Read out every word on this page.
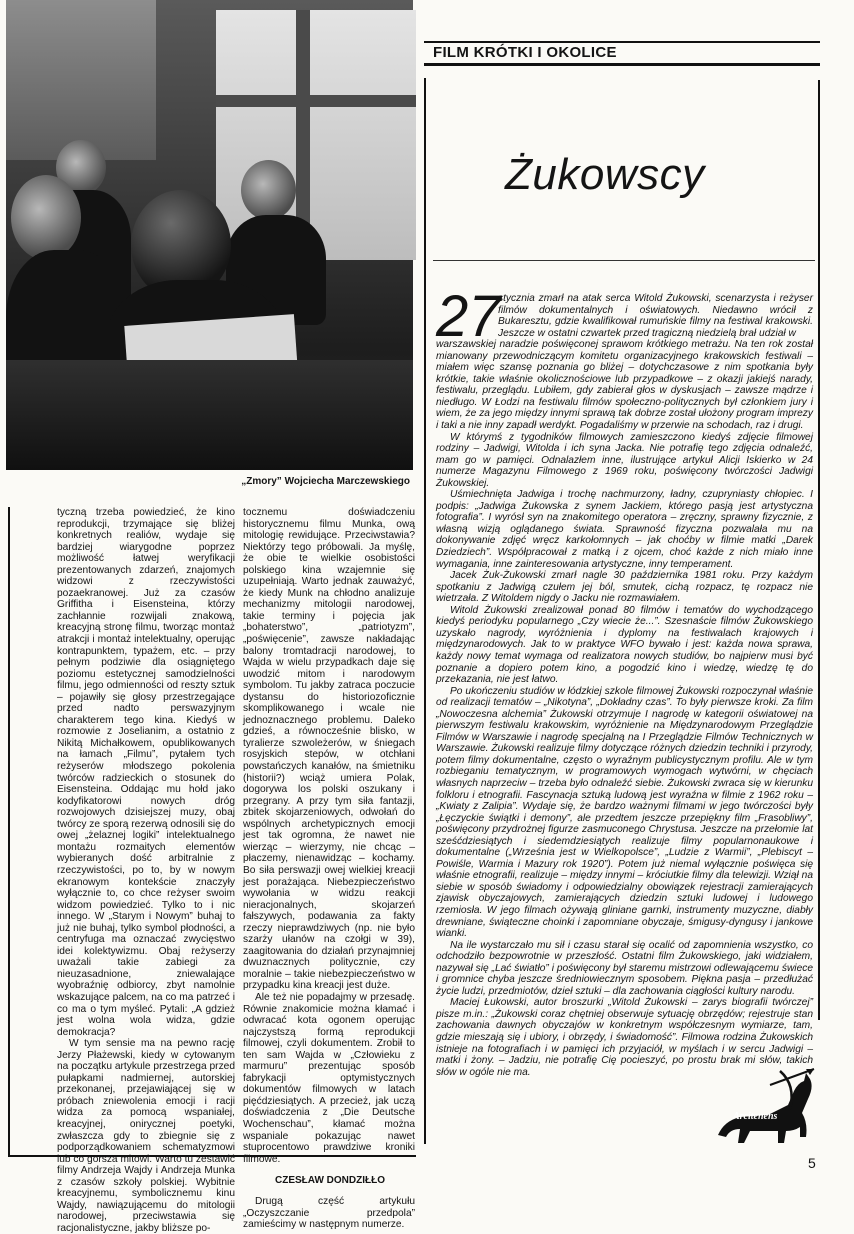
„Zmory” Wojciecha Marczewskiego
FILM KRÓTKI I OKOLICE
Żukowscy
27

stycznia zmarł na atak serca Witold Żukowski, scenarzysta i reżyser filmów dokumentalnych i oświatowych. Niedawno wrócił z Bukaresztu, gdzie kwalifikował rumuńskie filmy na festiwal krakowski. Jeszcze w ostatni czwartek przed tragiczną niedzielą brał udział w
warszawskiej naradzie poświęconej sprawom krótkiego metrażu. Na ten rok został mianowany przewodniczącym komitetu organizacyjnego krakowskich festiwali – miałem więc szansę poznania go bliżej – dotychczasowe z nim spotkania były krótkie, takie właśnie okolicznościowe lub przypadkowe – z okazji jakiejś narady, festiwalu, przeglądu. Lubiłem, gdy zabierał głos w dyskusjach – zawsze mądrze i niedługo. W Łodzi na festiwalu filmów społeczno-politycznych był członkiem jury i wiem, że za jego między innymi sprawą tak dobrze został ułożony program imprezy i taki a nie inny zapadł werdykt. Pogadaliśmy w przerwie na schodach, raz i drugi.

W którymś z tygodników filmowych zamieszczono kiedyś zdjęcie filmowej rodziny – Jadwigi, Witolda i ich syna Jacka. Nie potrafię tego zdjęcia odnaleźć, mam go w pamięci. Odnalazłem inne, ilustrujące artykuł Alicji Iskierko w 24 numerze Magazynu Filmowego z 1969 roku, poświęcony twórczości Jadwigi Żukowskiej.

Uśmiechnięta Jadwiga i trochę nachmurzony, ładny, czupryniasty chłopiec. I podpis: „Jadwiga Żukowska z synem Jackiem, którego pasją jest artystyczna fotografia”. I wyrósł syn na znakomitego operatora – zręczny, sprawny fizycznie, z własną wizją oglądanego świata. Sprawność fizyczna pozwalała mu na dokonywanie zdjęć wręcz karkołomnych – jak choćby w filmie matki „Darek Dziedziech”. Współpracował z matką i z ojcem, choć każde z nich miało inne wymagania, inne zainteresowania artystyczne, inny temperament.

Jacek Żuk-Żukowski zmarł nagle 30 października 1981 roku. Przy każdym spotkaniu z Jadwigą czułem jej ból, smutek, cichą rozpacz, tę rozpacz nie wietrzała. Z Witoldem nigdy o Jacku nie rozmawiałem.

Witold Żukowski zrealizował ponad 80 filmów i tematów do wychodzącego kiedyś periodyku popularnego „Czy wiecie że...”. Szesnaście filmów Żukowskiego uzyskało nagrody, wyróżnienia i dyplomy na festiwalach krajowych i międzynarodowych. Jak to w praktyce WFO bywało i jest: każda nowa sprawa, każdy nowy temat wymaga od realizatora nowych studiów, bo najpierw musi być poznanie a dopiero potem kino, a pogodzić kino i wiedzę, wiedzę tę do przekazania, nie jest łatwo.

Po ukończeniu studiów w łódzkiej szkole filmowej Żukowski rozpoczynał właśnie od realizacji tematów – „Nikotyna”, „Dokładny czas”. To były pierwsze kroki. Za film „Nowoczesna alchemia” Żukowski otrzymuje I nagrodę w kategorii oświatowej na pierwszym festiwalu krakowskim, wyróżnienie na Międzynarodowym Przeglądzie Filmów w Warszawie i nagrodę specjalną na I Przeglądzie Filmów Technicznych w Warszawie. Żukowski realizuje filmy dotyczące różnych dziedzin techniki i przyrody, potem filmy dokumentalne, często o wyraźnym publicystycznym profilu. Ale w tym rozbieganiu tematycznym, w programowych wymogach wytwórni, w chęciach własnych naprzeciw – trzeba było odnaleźć siebie. Żukowski zwraca się w kierunku folkloru i etnografii. Fascynacja sztuką ludową jest wyraźna w filmie z 1962 roku – „Kwiaty z Zalipia”. Wydaje się, że bardzo ważnymi filmami w jego twórczości były „Łęczyckie świątki i demony”, ale przedtem jeszcze przepiękny film „Frasobliwy”, poświęcony przydrożnej figurze zasmuconego Chrystusa. Jeszcze na przełomie lat sześćdziesiątych i siedemdziesiątych realizuje filmy popularnonaukowe i dokumentalne („Września jest w Wielkopolsce”, „Ludzie z Warmii”, „Plebiscyt – Powiśle, Warmia i Mazury rok 1920”). Potem już niemal wyłącznie poświęca się właśnie etnografii, realizuje – między innymi – króciutkie filmy dla telewizji. Wziął na siebie w sposób świadomy i odpowiedzialny obowiązek rejestracji zamierających zjawisk obyczajowych, zamierających dziedzin sztuki ludowej i ludowego rzemiosła. W jego filmach ożywają gliniane garnki, instrumenty muzyczne, diabły drewniane, świąteczne choinki i zapomniane obyczaje, śmigusy-dyngusy i jankowe wianki.

Na ile wystarczało mu sił i czasu starał się ocalić od zapomnienia wszystko, co odchodziło bezpowrotnie w przeszłość. Ostatni film Żukowskiego, jaki widziałem, nazywał się „Lać światło” i poświęcony był staremu mistrzowi odlewającemu świece i gromnice chyba jeszcze średniowiecznym sposobem. Piękna pasja – przedłużać życie ludzi, przedmiotów, dzieł sztuki – dla zachowania ciągłości kultury narodu.

Maciej Łukowski, autor broszurki „Witold Żukowski – zarys biografii twórczej” pisze m.in.: „Żukowski coraz chętniej obserwuje sytuację obrzędów; rejestruje stan zachowania dawnych obyczajów w konkretnym współczesnym wymiarze, tam, gdzie mieszają się i ubiory, i obrzędy, i świadomość”. Filmowa rodzina Żukowskich istnieje na fotografiach i w pamięci ich przyjaciół, w myślach i w sercu Jadwigi – matki i żony. – Jadziu, nie potrafię Cię pocieszyć, po prostu brak mi słów, takich słów w ogóle nie ma.

tyczną trzeba powiedzieć, że kino reprodukcji, trzymające się bliżej konkretnych realiów, wydaje się bardziej wiarygodne poprzez możliwość łatwej weryfikacji prezentowanych zdarzeń, znajomych widzowi z rzeczywistości pozaekranowej. Już za czasów Griffitha i Eisensteina, którzy zachłannie rozwijali znakową, kreacyjną stronę filmu, tworząc montaż atrakcji i montaż intelektualny, operując kontrapunktem, typażem, etc. – przy pełnym podziwie dla osiągniętego poziomu estetycznej samodzielności filmu, jego odmienności od reszty sztuk – pojawiły się głosy przestrzegające przed nadto perswazyjnym charakterem tego kina. Kiedyś w rozmowie z Joselianim, a ostatnio z Nikitą Michałkowem, opublikowanych na łamach „Filmu”, pytałem tych reżyserów młodszego pokolenia twórców radzieckich o stosunek do Eisensteina. Oddając mu hołd jako kodyfikatorowi nowych dróg rozwojowych dzisiejszej muzy, obaj twórcy ze sporą rezerwą odnosili się do owej „żelaznej logiki” intelektualnego montażu rozmaitych elementów wybieranych dość arbitralnie z rzeczywistości, po to, by w nowym ekranowym kontekście znaczyły wyłącznie to, co chce reżyser swoim widzom powiedzieć. Tylko to i nic innego. W „Starym i Nowym” buhaj to już nie buhaj, tylko symbol płodności, a centryfuga ma oznaczać zwycięstwo idei kolektywizmu. Obaj reżyserzy uważali takie zabiegi za nieuzasadnione, zniewalające wyobraźnię odbiorcy, zbyt namolnie wskazujące palcem, na co ma patrzeć i co ma o tym myśleć. Pytali: „A gdzież jest wolna wola widza, gdzie demokracja?

W tym sensie ma na pewno rację Jerzy Płażewski, kiedy w cytowanym na początku artykule przestrzega przed pułapkami nadmiernej, autorskiej przekonanej, przejawiającej się w próbach zniewolenia emocji i racji widza za pomocą wspaniałej, kreacyjnej, onirycznej poetyki, zwłaszcza gdy to zbiegnie się z podporządkowaniem schematyzmowi lub co gorsza mitowi. Warto tu zestawić filmy Andrzeja Wajdy i Andrzeja Munka z czasów szkoły polskiej. Wybitnie kreacyjnemu, symbolicznemu kinu Wajdy, nawiązującemu do mitologii narodowej, przeciwstawia się racjonalistyczne, jakby bliższe po-

tocznemu doświadczeniu historycznemu filmu Munka, ową mitologię rewidujące. Przeciwstawia? Niektórzy tego próbowali. Ja myślę, że obie te wielkie osobistości polskiego kina wzajemnie się uzupełniają. Warto jednak zauważyć, że kiedy Munk na chłodno analizuje mechanizmy mitologii narodowej, takie terminy i pojęcia jak „bohaterstwo”, „patriotyzm”, „poświęcenie”, zawsze nakładając balony tromtadracji narodowej, to Wajda w wielu przypadkach daje się uwodzić mitom i narodowym symbolom. Tu jakby zatraca poczucie dystansu do historiozoficznie skomplikowanego i wcale nie jednoznacznego problemu. Daleko gdzieś, a równocześnie blisko, w tyralierze szwoleżerów, w śniegach rosyjskich stepów, w otchłani powstańczych kanałów, na śmietniku (historii?) wciąż umiera Polak, dogorywa los polski oszukany i przegrany. A przy tym siła fantazji, zbitek skojarzeniowych, odwołań do wspólnych archetypicznych emocji jest tak ogromna, że nawet nie wierząc – wierzymy, nie chcąc – płaczemy, nienawidząc – kochamy. Bo siła perswazji owej wielkiej kreacji jest porażająca. Niebezpieczeństwo wywołania w widzu reakcji nieracjonalnych, skojarzeń fałszywych, podawania za fakty rzeczy nieprawdziwych (np. nie było szarży ułanów na czołgi w 39), zaagitowania do działań przynajmniej dwuznacznych politycznie, czy moralnie – takie niebezpieczeństwo w przypadku kina kreacji jest duże.

Ale też nie popadajmy w przesadę. Równie znakomicie można kłamać i odwracać kota ogonem operując najczystszą formą reprodukcji filmowej, czyli dokumentem. Zrobił to ten sam Wajda w „Człowieku z marmuru” prezentując sposób fabrykacji optymistycznych dokumentów filmowych w latach pięćdziesiątych. A przecież, jak uczą doświadczenia z „Die Deutsche Wochenschau”, kłamać można wspaniale pokazując nawet stuprocentowo prawdziwe kroniki filmowe.

CZESŁAW DONDZIŁŁO

Drugą część artykułu „Oczyszczanie przedpola” zamieścimy w następnym numerze.

Arcitenens
5
